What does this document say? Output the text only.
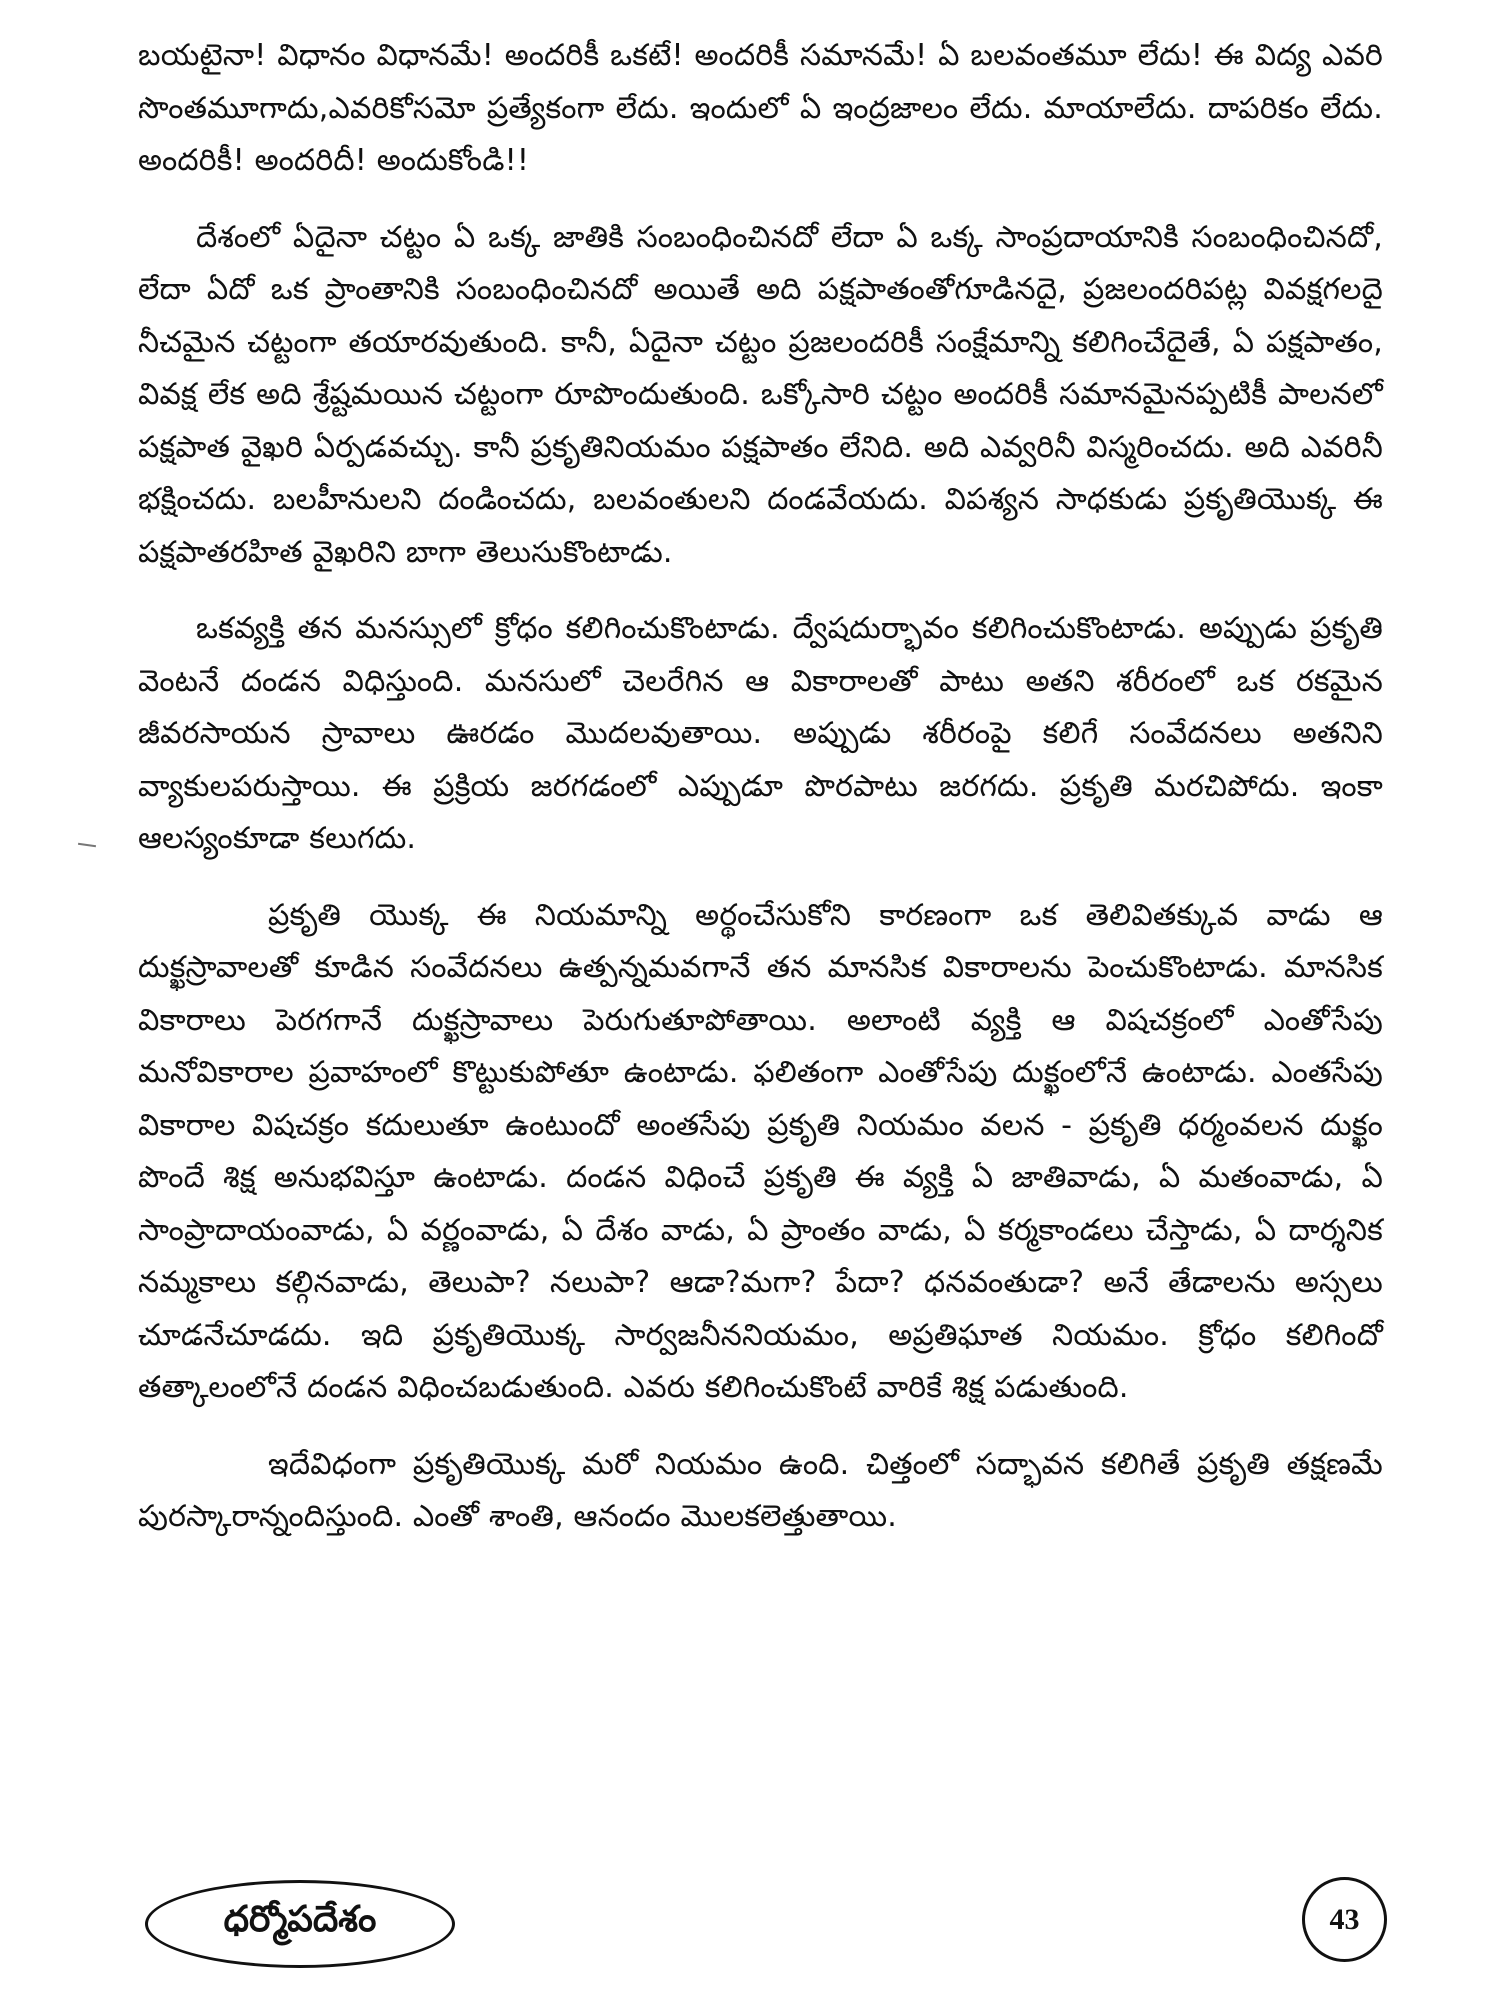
బయటైనా! విధానం విధానమే! అందరికీ ఒకటే! అందరికీ సమానమే! ఏ బలవంతమూ లేదు! ఈ విద్య ఎవరి సొంతమూగాదు,ఎవరికోసమో ప్రత్యేకంగా లేదు. ఇందులో ఏ ఇంద్రజాలం లేదు. మాయాలేదు. దాపరికం లేదు. అందరికీ! అందరిదీ! అందుకోండి!!

దేశంలో ఏదైనా చట్టం ఏ ఒక్క జాతికి సంబంధించినదో లేదా ఏ ఒక్క సాంప్రదాయానికి సంబంధించినదో, లేదా ఏదో ఒక ప్రాంతానికి సంబంధించినదో అయితే అది పక్షపాతంతోగూడినదై, ప్రజలందరిపట్ల వివక్షగలదై నీచమైన చట్టంగా తయారవుతుంది. కానీ, ఏదైనా చట్టం ప్రజలందరికీ సంక్షేమాన్ని కలిగించేదైతే, ఏ పక్షపాతం, వివక్ష లేక అది శ్రేష్టమయిన చట్టంగా రూపొందుతుంది. ఒక్కోసారి చట్టం అందరికీ సమానమైనప్పటికీ పాలనలో పక్షపాత వైఖరి ఏర్పడవచ్చు. కానీ ప్రకృతినియమం పక్షపాతం లేనిది. అది ఎవ్వరినీ విస్మరించదు. అది ఎవరినీ భక్షించదు. బలహీనులని దండించదు, బలవంతులని దండవేయదు. విపశ్యన సాధకుడు ప్రకృతియొక్క ఈ పక్షపాతరహిత వైఖరిని బాగా తెలుసుకొంటాడు.

ఒకవ్యక్తి తన మనస్సులో క్రోధం కలిగించుకొంటాడు. ద్వేషదుర్భావం కలిగించుకొంటాడు. అప్పుడు ప్రకృతి వెంటనే దండన విధిస్తుంది. మనసులో చెలరేగిన ఆ వికారాలతో పాటు అతని శరీరంలో ఒక రకమైన జీవరసాయన స్రావాలు ఊరడం మొదలవుతాయి. అప్పుడు శరీరంపై కలిగే సంవేదనలు అతనిని వ్యాకులపరుస్తాయి. ఈ ప్రక్రియ జరగడంలో ఎప్పుడూ పొరపాటు జరగదు. ప్రకృతి మరచిపోదు. ఇంకా ఆలస్యంకూడా కలుగదు.

ప్రకృతి యొక్క ఈ నియమాన్ని అర్థంచేసుకోని కారణంగా ఒక తెలివితక్కువ వాడు ఆ దుక్ఖస్రావాలతో కూడిన సంవేదనలు ఉత్పన్నమవగానే తన మానసిక వికారాలను పెంచుకొంటాడు. మానసిక వికారాలు పెరగగానే దుక్ఖస్రావాలు పెరుగుతూపోతాయి. అలాంటి వ్యక్తి ఆ విషచక్రంలో ఎంతోసేపు మనోవికారాల ప్రవాహంలో కొట్టుకుపోతూ ఉంటాడు. ఫలితంగా ఎంతోసేపు దుక్ఖంలోనే ఉంటాడు. ఎంతసేపు వికారాల విషచక్రం కదులుతూ ఉంటుందో అంతసేపు ప్రకృతి నియమం వలన - ప్రకృతి ధర్మంవలన దుక్ఖం పొందే శిక్ష అనుభవిస్తూ ఉంటాడు. దండన విధించే ప్రకృతి ఈ వ్యక్తి ఏ జాతివాడు, ఏ మతంవాడు, ఏ సాంప్రాదాయంవాడు, ఏ వర్ణంవాడు, ఏ దేశం వాడు, ఏ ప్రాంతం వాడు, ఏ కర్మకాండలు చేస్తాడు, ఏ దార్శనిక నమ్మకాలు కల్గినవాడు, తెలుపా? నలుపా? ఆడా?మగా? పేదా? ధనవంతుడా? అనే తేడాలను అస్సలు చూడనేచూడదు. ఇది ప్రకృతియొక్క సార్వజనీననియమం, అప్రతిఘాత నియమం. క్రోధం కలిగిందో తత్కాలంలోనే దండన విధించబడుతుంది. ఎవరు కలిగించుకొంటే వారికే శిక్ష పడుతుంది.

ఇదేవిధంగా ప్రకృతియొక్క మరో నియమం ఉంది. చిత్తంలో సద్భావన కలిగితే ప్రకృతి తక్షణమే పురస్కారాన్నందిస్తుంది. ఎంతో శాంతి, ఆనందం మొలకలెత్తుతాయి.

ధర్మోపదేశం	43
